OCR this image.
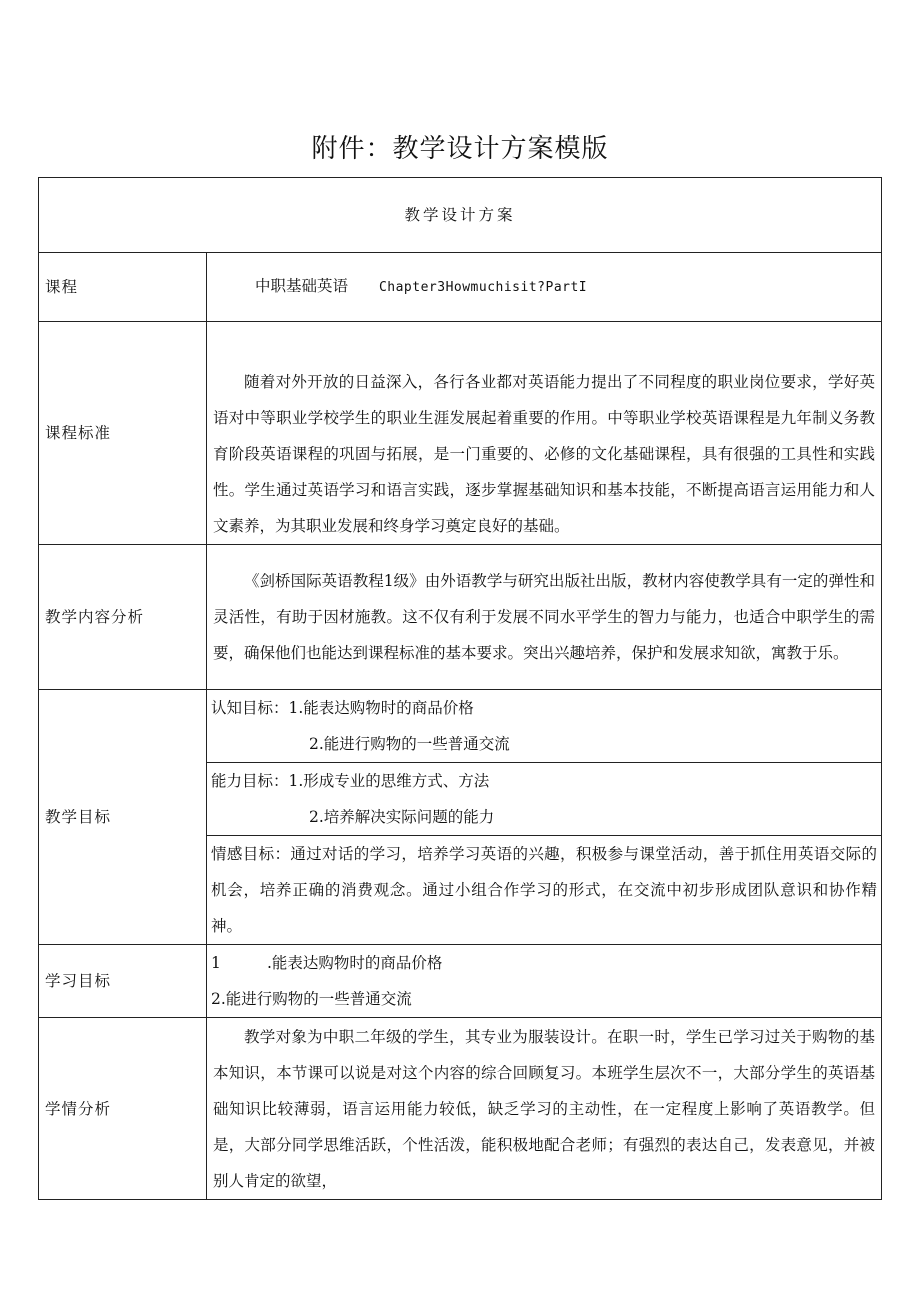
附件：教学设计方案模版
教学设计方案	
课程	中职基础英语 Chapter3Howmuchisit?PartI
课程标准	随着对外开放的日益深入，各行各业都对英语能力提出了不同程度的职业岗位要求，学好英语对中等职业学校学生的职业生涯发展起着重要的作用。中等职业学校英语课程是九年制义务教育阶段英语课程的巩固与拓展，是一门重要的、必修的文化基础课程，具有很强的工具性和实践性。学生通过英语学习和语言实践，逐步掌握基础知识和基本技能，不断提高语言运用能力和人文素养，为其职业发展和终身学习奠定良好的基础。

教学内容分析	《剑桥国际英语教程1级》由外语教学与研究出版社出版，教材内容使教学具有一定的弹性和灵活性，有助于因材施教。这不仅有利于发展不同水平学生的智力与能力，也适合中职学生的需要，确保他们也能达到课程标准的基本要求。突出兴趣培养，保护和发展求知欲，寓教于乐。

教学目标	认知目标：1.能表达购物时的商品价格

2.能进行购物的一些普通交流

能力目标：1.形成专业的思维方式、方法

2.培养解决实际问题的能力

情感目标：通过对话的学习，培养学习英语的兴趣，积极参与课堂活动，善于抓住用英语交际的机会，培养正确的消费观念。通过小组合作学习的形式，在交流中初步形成团队意识和协作精神。

学习目标	1 .能表达购物时的商品价格

2.能进行购物的一些普通交流

学情分析	教学对象为中职二年级的学生，其专业为服装设计。在职一时，学生已学习过关于购物的基本知识，本节课可以说是对这个内容的综合回顾复习。本班学生层次不一，大部分学生的英语基础知识比较薄弱，语言运用能力较低，缺乏学习的主动性，在一定程度上影响了英语教学。但是，大部分同学思维活跃，个性活泼，能积极地配合老师；有强烈的表达自己，发表意见，并被别人肯定的欲望，
